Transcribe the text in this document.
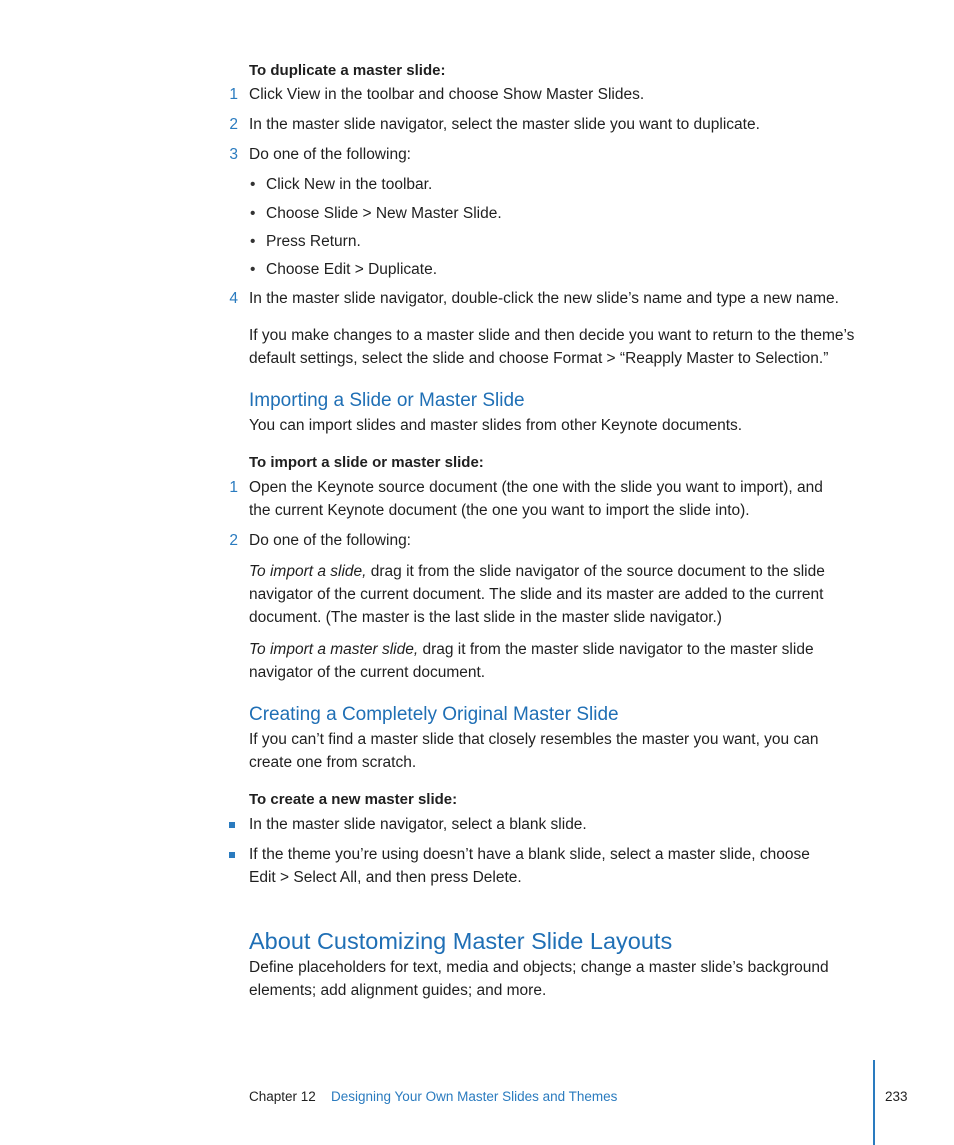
To duplicate a master slide:
1 Click View in the toolbar and choose Show Master Slides.
2 In the master slide navigator, select the master slide you want to duplicate.
3 Do one of the following:
• Click New in the toolbar.
• Choose Slide > New Master Slide.
• Press Return.
• Choose Edit > Duplicate.
4 In the master slide navigator, double-click the new slide’s name and type a new name.
If you make changes to a master slide and then decide you want to return to the theme’s
default settings, select the slide and choose Format > “Reapply Master to Selection.”
Importing a Slide or Master Slide
You can import slides and master slides from other Keynote documents.
To import a slide or master slide:
1 Open the Keynote source document (the one with the slide you want to import), and
the current Keynote document (the one you want to import the slide into).
2 Do one of the following:
To import a slide, drag it from the slide navigator of the source document to the slide
navigator of the current document. The slide and its master are added to the current
document. (The master is the last slide in the master slide navigator.)
To import a master slide, drag it from the master slide navigator to the master slide
navigator of the current document.
Creating a Completely Original Master Slide
If you can’t find a master slide that closely resembles the master you want, you can
create one from scratch.
To create a new master slide:
In the master slide navigator, select a blank slide.
If the theme you’re using doesn’t have a blank slide, select a master slide, choose
Edit > Select All, and then press Delete.
About Customizing Master Slide Layouts
Define placeholders for text, media and objects; change a master slide’s background
elements; add alignment guides; and more.
Chapter 12 Designing Your Own Master Slides and Themes	233
